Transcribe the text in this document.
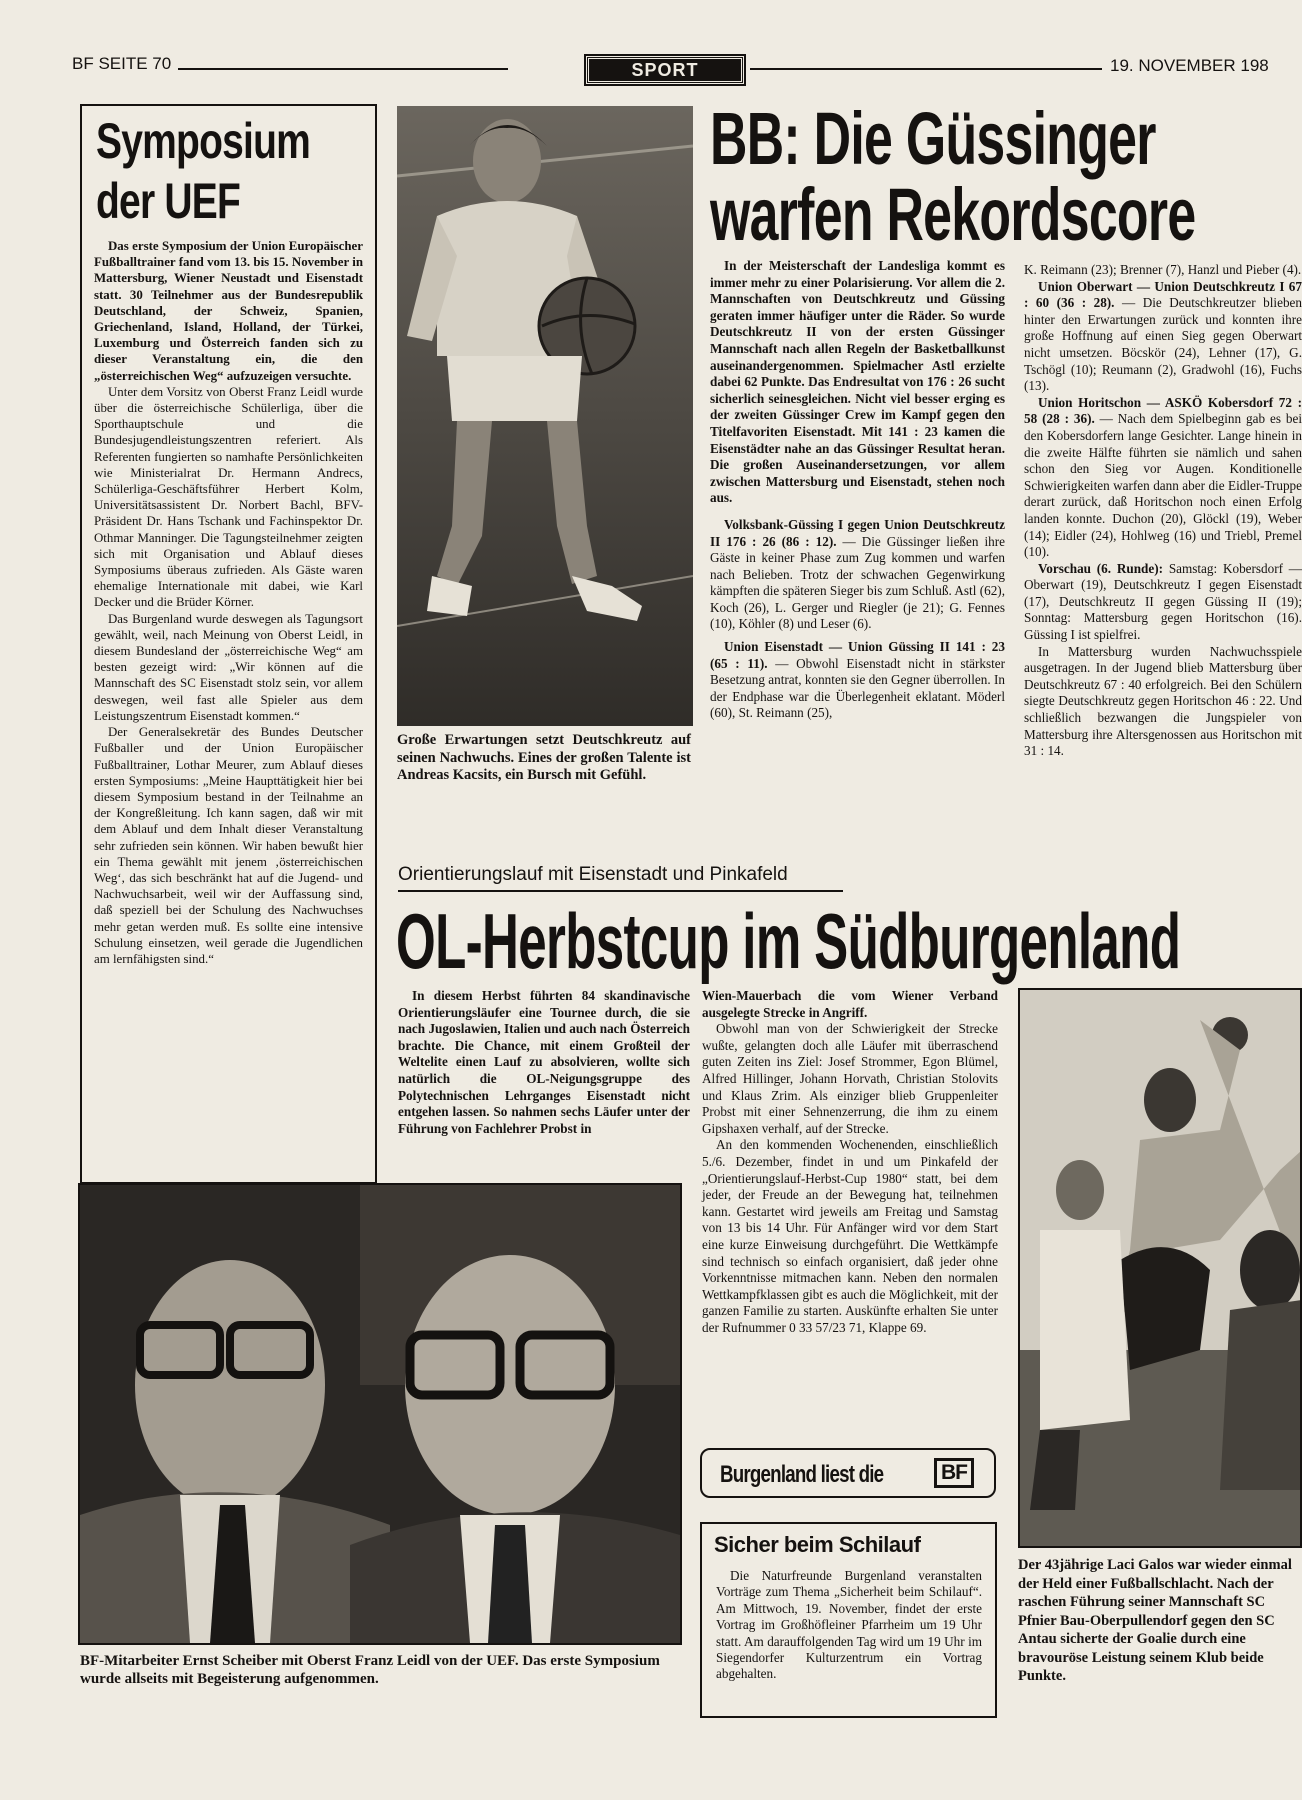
BF SEITE 70	SPORT	19. NOVEMBER 198
Symposium
der UEF

Das erste Symposium der Union Europäischer Fußballtrainer fand vom 13. bis 15. November in Mattersburg, Wiener Neustadt und Eisenstadt statt. 30 Teilnehmer aus der Bundesrepublik Deutschland, der Schweiz, Spanien, Griechenland, Island, Holland, der Türkei, Luxemburg und Österreich fanden sich zu dieser Veranstaltung ein, die den „österreichischen Weg“ aufzuzeigen versuchte.

Unter dem Vorsitz von Oberst Franz Leidl wurde über die österreichische Schülerliga, über die Sporthauptschule und die Bundesjugendleistungszentren referiert. Als Referenten fungierten so namhafte Persönlichkeiten wie Ministerialrat Dr. Hermann Andrecs, Schülerliga-Geschäftsführer Herbert Kolm, Universitätsassistent Dr. Norbert Bachl, BFV-Präsident Dr. Hans Tschank und Fachinspektor Dr. Othmar Manninger. Die Tagungsteilnehmer zeigten sich mit Organisation und Ablauf dieses Symposiums überaus zufrieden. Als Gäste waren ehemalige Internationale mit dabei, wie Karl Decker und die Brüder Körner.

Das Burgenland wurde deswegen als Tagungsort gewählt, weil, nach Meinung von Oberst Leidl, in diesem Bundesland der „österreichische Weg“ am besten gezeigt wird: „Wir können auf die Mannschaft des SC Eisenstadt stolz sein, vor allem deswegen, weil fast alle Spieler aus dem Leistungszentrum Eisenstadt kommen.“

Der Generalsekretär des Bundes Deutscher Fußballer und der Union Europäischer Fußballtrainer, Lothar Meurer, zum Ablauf dieses ersten Symposiums: „Meine Haupttätigkeit hier bei diesem Symposium bestand in der Teilnahme an der Kongreßleitung. Ich kann sagen, daß wir mit dem Ablauf und dem Inhalt dieser Veranstaltung sehr zufrieden sein können. Wir haben bewußt hier ein Thema gewählt mit jenem ‚österreichischen Weg‘, das sich beschränkt hat auf die Jugend- und Nachwuchsarbeit, weil wir der Auffassung sind, daß speziell bei der Schulung des Nachwuchses mehr getan werden muß. Es sollte eine intensive Schulung einsetzen, weil gerade die Jugendlichen am lernfähigsten sind.“

Große Erwartungen setzt Deutschkreutz auf seinen Nachwuchs. Eines der großen Talente ist Andreas Kacsits, ein Bursch mit Gefühl.
BB: Die Güssinger
warfen Rekordscore

In der Meisterschaft der Landesliga kommt es immer mehr zu einer Polarisierung. Vor allem die 2. Mannschaften von Deutschkreutz und Güssing geraten immer häufiger unter die Räder. So wurde Deutschkreutz II von der ersten Güssinger Mannschaft nach allen Regeln der Basketballkunst auseinandergenommen. Spielmacher Astl erzielte dabei 62 Punkte. Das Endresultat von 176 : 26 sucht sicherlich seinesgleichen. Nicht viel besser erging es der zweiten Güssinger Crew im Kampf gegen den Titelfavoriten Eisenstadt. Mit 141 : 23 kamen die Eisenstädter nahe an das Güssinger Resultat heran. Die großen Auseinandersetzungen, vor allem zwischen Mattersburg und Eisenstadt, stehen noch aus.

Volksbank-Güssing I gegen Union Deutschkreutz II 176 : 26 (86 : 12). — Die Güssinger ließen ihre Gäste in keiner Phase zum Zug kommen und warfen nach Belieben. Trotz der schwachen Gegenwirkung kämpften die späteren Sieger bis zum Schluß. Astl (62), Koch (26), L. Gerger und Riegler (je 21); G. Fennes (10), Köhler (8) und Leser (6).

Union Eisenstadt — Union Güssing II 141 : 23 (65 : 11). — Obwohl Eisenstadt nicht in stärkster Besetzung antrat, konnten sie den Gegner überrollen. In der Endphase war die Überlegenheit eklatant. Möderl (60), St. Reimann (25),

K. Reimann (23); Brenner (7), Hanzl und Pieber (4).

Union Oberwart — Union Deutschkreutz I 67 : 60 (36 : 28). — Die Deutschkreutzer blieben hinter den Erwartungen zurück und konnten ihre große Hoffnung auf einen Sieg gegen Oberwart nicht umsetzen. Böcskör (24), Lehner (17), G. Tschögl (10); Reumann (2), Gradwohl (16), Fuchs (13).

Union Horitschon — ASKÖ Kobersdorf 72 : 58 (28 : 36). — Nach dem Spielbeginn gab es bei den Kobersdorfern lange Gesichter. Lange hinein in die zweite Hälfte führten sie nämlich und sahen schon den Sieg vor Augen. Konditionelle Schwierigkeiten warfen dann aber die Eidler-Truppe derart zurück, daß Horitschon noch einen Erfolg landen konnte. Duchon (20), Glöckl (19), Weber (14); Eidler (24), Hohlweg (16) und Triebl, Premel (10).

Vorschau (6. Runde): Samstag: Kobersdorf — Oberwart (19), Deutschkreutz I gegen Eisenstadt (17), Deutschkreutz II gegen Güssing II (19); Sonntag: Mattersburg gegen Horitschon (16). Güssing I ist spielfrei.

In Mattersburg wurden Nachwuchsspiele ausgetragen. In der Jugend blieb Mattersburg über Deutschkreutz 67 : 40 erfolgreich. Bei den Schülern siegte Deutschkreutz gegen Horitschon 46 : 22. Und schließlich bezwangen die Jungspieler von Mattersburg ihre Altersgenossen aus Horitschon mit 31 : 14.

Orientierungslauf mit Eisenstadt und Pinkafeld
OL-Herbstcup im Südburgenland

In diesem Herbst führten 84 skandinavische Orientierungsläufer eine Tournee durch, die sie nach Jugoslawien, Italien und auch nach Österreich brachte. Die Chance, mit einem Großteil der Weltelite einen Lauf zu absolvieren, wollte sich natürlich die OL-Neigungsgruppe des Polytechnischen Lehrganges Eisenstadt nicht entgehen lassen. So nahmen sechs Läufer unter der Führung von Fachlehrer Probst in

Wien-Mauerbach die vom Wiener Verband ausgelegte Strecke in Angriff.

Obwohl man von der Schwierigkeit der Strecke wußte, gelangten doch alle Läufer mit überraschend guten Zeiten ins Ziel: Josef Strommer, Egon Blümel, Alfred Hillinger, Johann Horvath, Christian Stolovits und Klaus Zrim. Als einziger blieb Gruppenleiter Probst mit einer Sehnenzerrung, die ihm zu einem Gipshaxen verhalf, auf der Strecke.

An den kommenden Wochenenden, einschließlich 5./6. Dezember, findet in und um Pinkafeld der „Orientierungslauf-Herbst-Cup 1980“ statt, bei dem jeder, der Freude an der Bewegung hat, teilnehmen kann. Gestartet wird jeweils am Freitag und Samstag von 13 bis 14 Uhr. Für Anfänger wird vor dem Start eine kurze Einweisung durchgeführt. Die Wettkämpfe sind technisch so einfach organisiert, daß jeder ohne Vorkenntnisse mitmachen kann. Neben den normalen Wettkampfklassen gibt es auch die Möglichkeit, mit der ganzen Familie zu starten. Auskünfte erhalten Sie unter der Rufnummer 0 33 57/23 71, Klappe 69.

BF-Mitarbeiter Ernst Scheiber mit Oberst Franz Leidl von der UEF. Das erste Symposium wurde allseits mit Begeisterung aufgenommen.
Burgenland liest die	BF
Sicher beim Schilauf

Die Naturfreunde Burgenland veranstalten Vorträge zum Thema „Sicherheit beim Schilauf“. Am Mittwoch, 19. November, findet der erste Vortrag im Großhöfleiner Pfarrheim um 19 Uhr statt. Am darauffolgenden Tag wird um 19 Uhr im Siegendorfer Kulturzentrum ein Vortrag abgehalten.

Der 43jährige Laci Galos war wieder einmal der Held einer Fußballschlacht. Nach der raschen Führung seiner Mannschaft SC Pfnier Bau-Oberpullendorf gegen den SC Antau sicherte der Goalie durch eine bravouröse Leistung seinem Klub beide Punkte.
